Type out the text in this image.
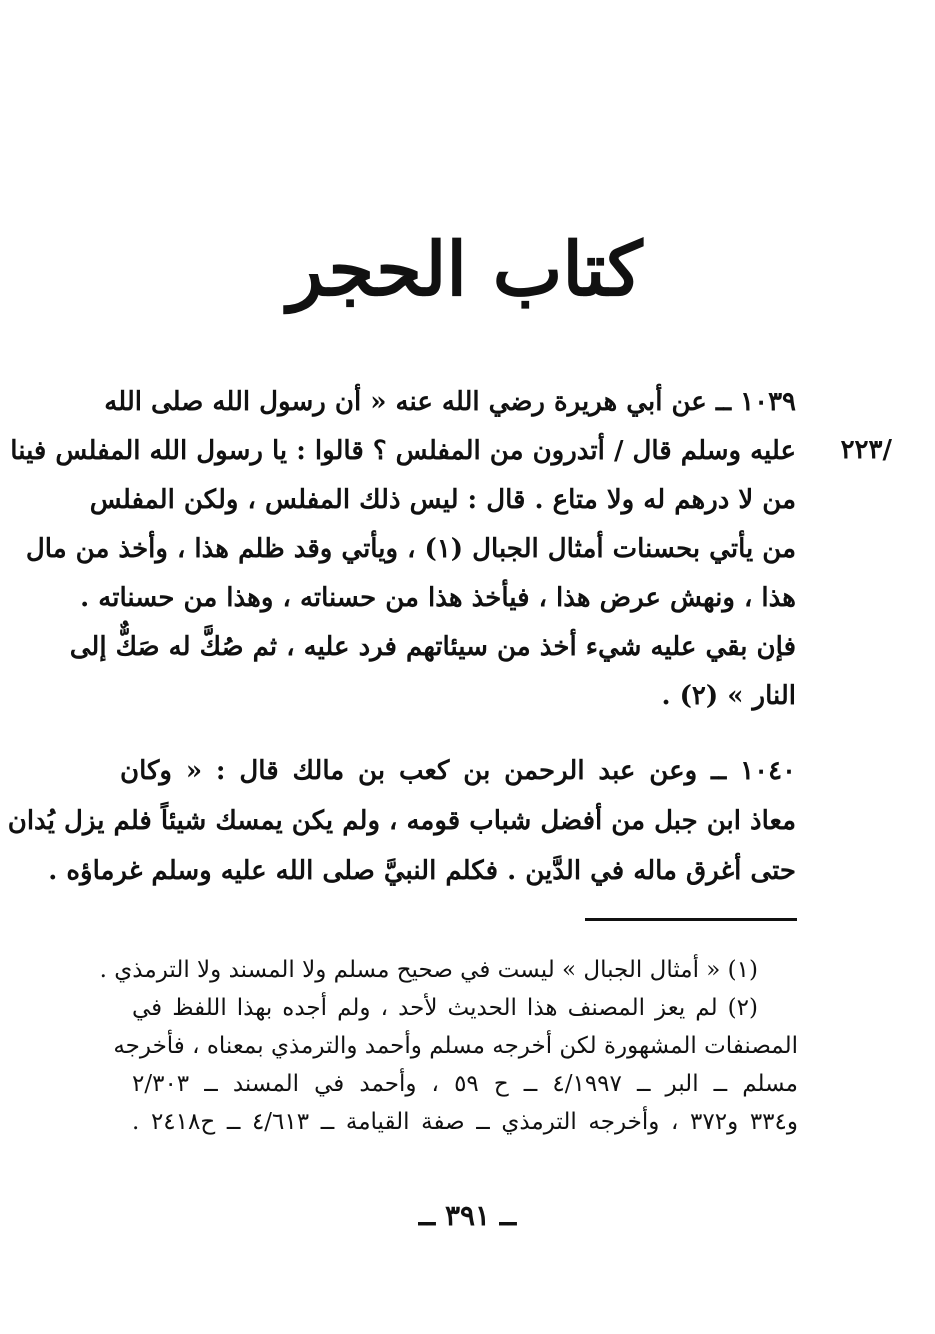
كتاب الحجر
/٢٢٣
١٠٣٩ ــ عن أبي هريرة رضي الله عنه « أن رسول الله صلى الله
عليه وسلم قال / أتدرون من المفلس ؟ قالوا : يا رسول الله المفلس فينا
من لا درهم له ولا متاع . قال : ليس ذلك المفلس ، ولكن المفلس
من يأتي بحسنات أمثال الجبال (١) ، ويأتي وقد ظلم هذا ، وأخذ من مال
هذا ، ونهش عرض هذا ، فيأخذ هذا من حسناته ، وهذا من حسناته .
فإن بقي عليه شيء أخذ من سيئاتهم فرد عليه ، ثم صُكَّ له صَكٌّ إلى
النار » (٢) .
١٠٤٠ ــ وعن عبد الرحمن بن كعب بن مالك قال : « وكان
معاذ ابن جبل من أفضل شباب قومه ، ولم يكن يمسك شيئاً فلم يزل يُدان
حتى أغرق ماله في الدَّين . فكلم النبيَّ صلى الله عليه وسلم غرماؤه .
(١) « أمثال الجبال » ليست في صحيح مسلم ولا المسند ولا الترمذي .
(٢) لم يعز المصنف هذا الحديث لأحد ، ولم أجده بهذا اللفظ في
المصنفات المشهورة لكن أخرجه مسلم وأحمد والترمذي بمعناه ، فأخرجه
مسلم ــ البر ــ ٤/١٩٩٧ ــ ح ٥٩ ، وأحمد في المسند ــ ٢/٣٠٣
و٣٣٤ و٣٧٢ ، وأخرجه الترمذي ــ صفة القيامة ــ ٤/٦١٣ ــ ح٢٤١٨ .
ــ ٣٩١ ــ
